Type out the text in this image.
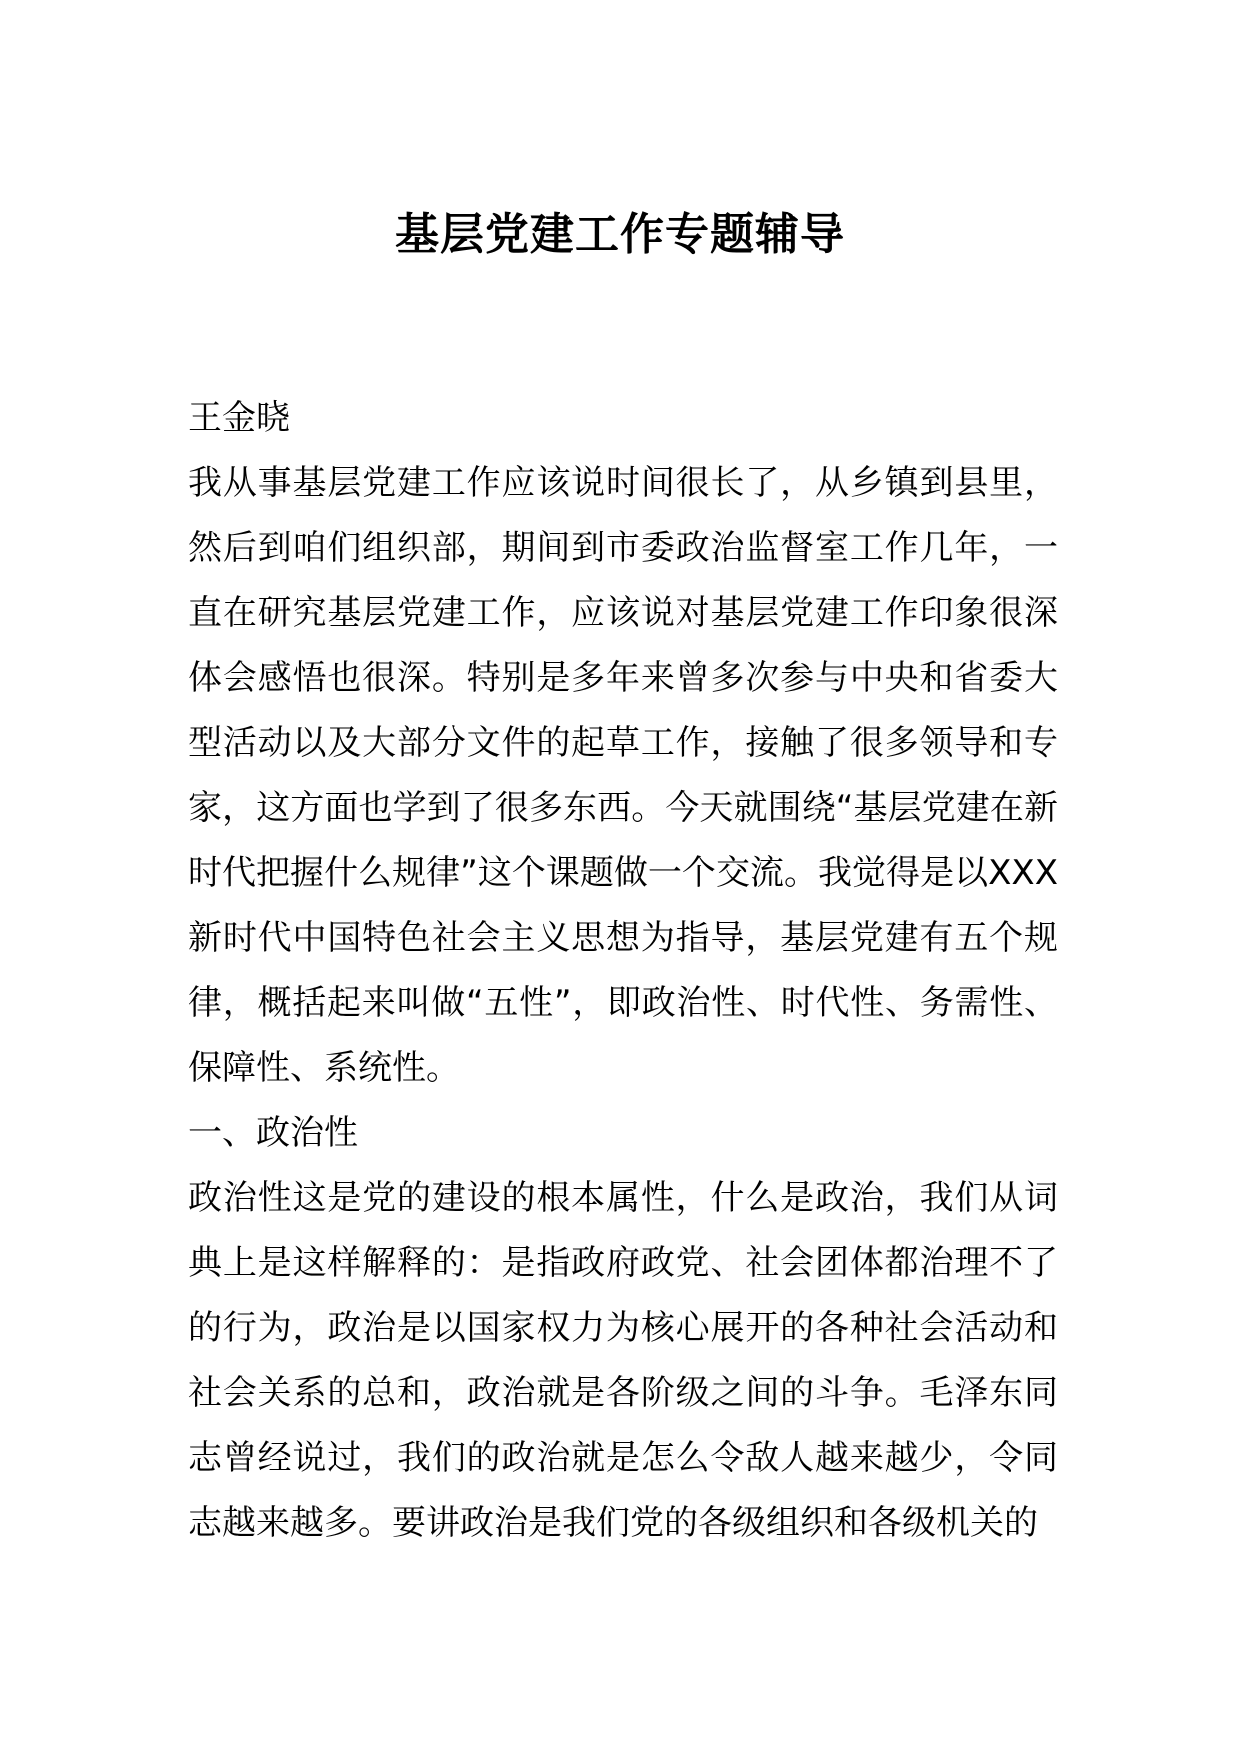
基层党建工作专题辅导

王金晓

我从事基层党建工作应该说时间很长了，从乡镇到县里，然后到咱们组织部，期间到市委政治监督室工作几年，一直在研究基层党建工作，应该说对基层党建工作印象很深体会感悟也很深。特别是多年来曾多次参与中央和省委大型活动以及大部分文件的起草工作，接触了很多领导和专家，这方面也学到了很多东西。今天就围绕“基层党建在新时代把握什么规律”这个课题做一个交流。我觉得是以XXX新时代中国特色社会主义思想为指导，基层党建有五个规律，概括起来叫做“五性”，即政治性、时代性、务需性、保障性、系统性。

一、政治性

政治性这是党的建设的根本属性，什么是政治，我们从词典上是这样解释的：是指政府政党、社会团体都治理不了的行为，政治是以国家权力为核心展开的各种社会活动和社会关系的总和，政治就是各阶级之间的斗争。毛泽东同志曾经说过，我们的政治就是怎么令敌人越来越少，令同志越来越多。要讲政治是我们党的各级组织和各级机关的
